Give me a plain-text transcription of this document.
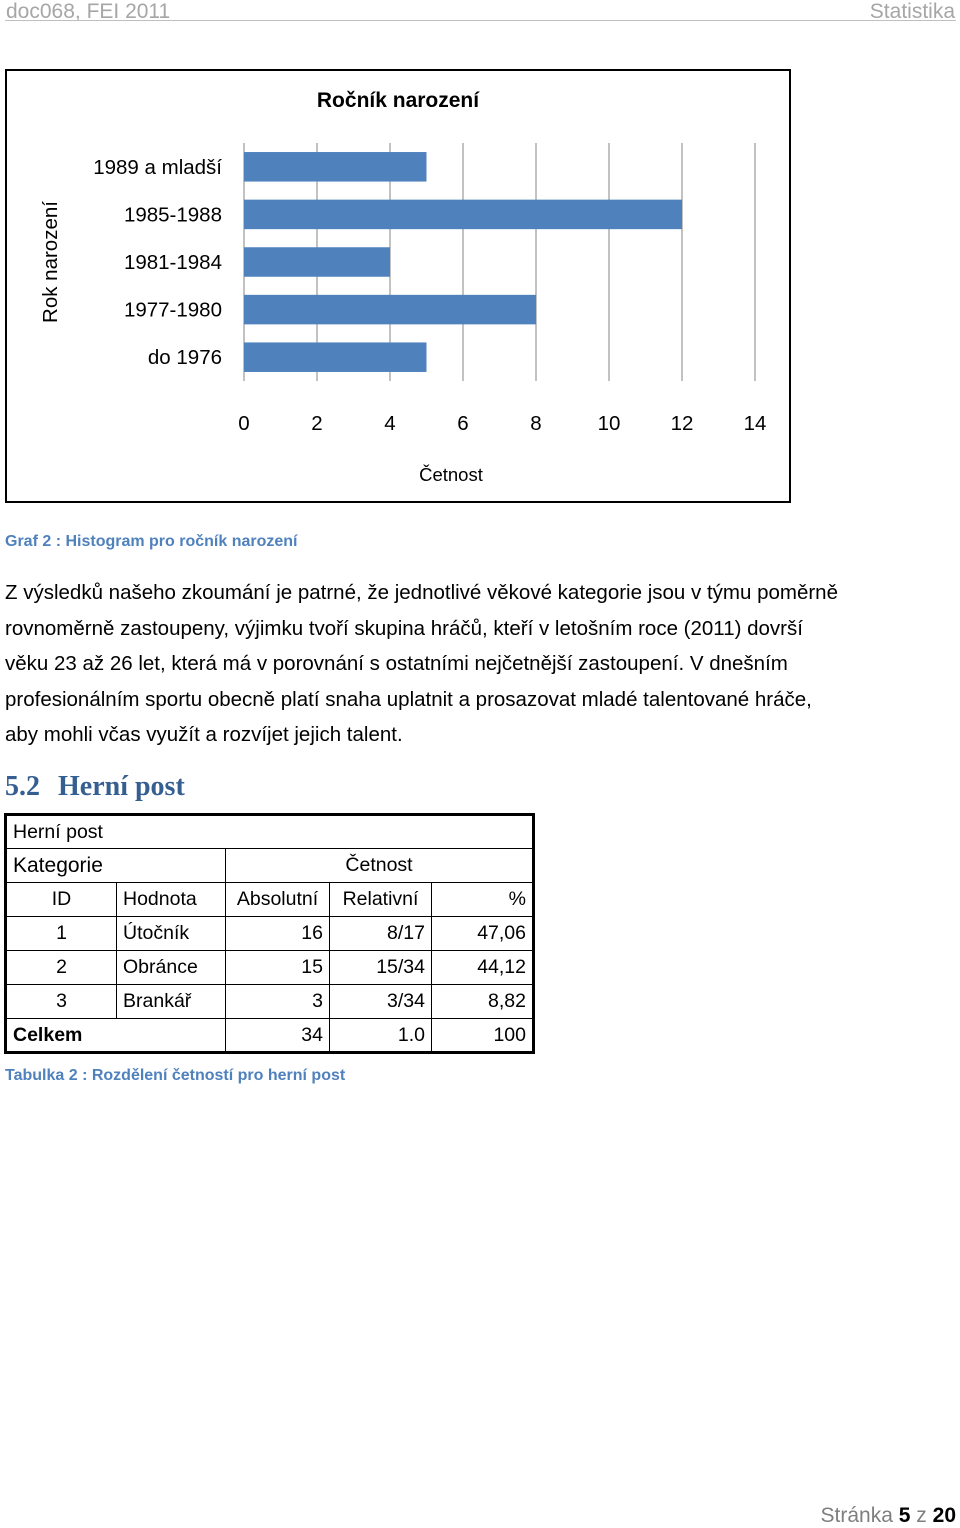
doc068, FEI 2011	Statistika
Ročník narození
1989 a mladší
1985-1988
1981-1984
1977-1980
do 1976
0	2	4	6	8	10 12 14
Četnost
Rok narození
Graf 2 : Histogram pro ročník narození
Z výsledků našeho zkoumání je patrné, že jednotlivé věkové kategorie jsou v týmu poměrně
rovnoměrně zastoupeny, výjimku tvoří skupina hráčů, kteří v letošním roce (2011) dovrší
věku 23 až 26 let, která má v porovnání s ostatními nejčetnější zastoupení. V dnešním
profesionálním sportu obecně platí snaha uplatnit a prosazovat mladé talentované hráče,
aby mohli včas využít a rozvíjet jejich talent.
5.2 Herní post
Herní post				
Kategorie		Četnost		
ID	Hodnota	Absolutní	Relativní	%
1	Útočník	16	8/17	47,06
2	Obránce	15	15/34	44,12
3	Brankář	3	3/34	8,82
Celkem		34	1.0	100
Tabulka 2 : Rozdělení četností pro herní post
Stránka 5 z 20
